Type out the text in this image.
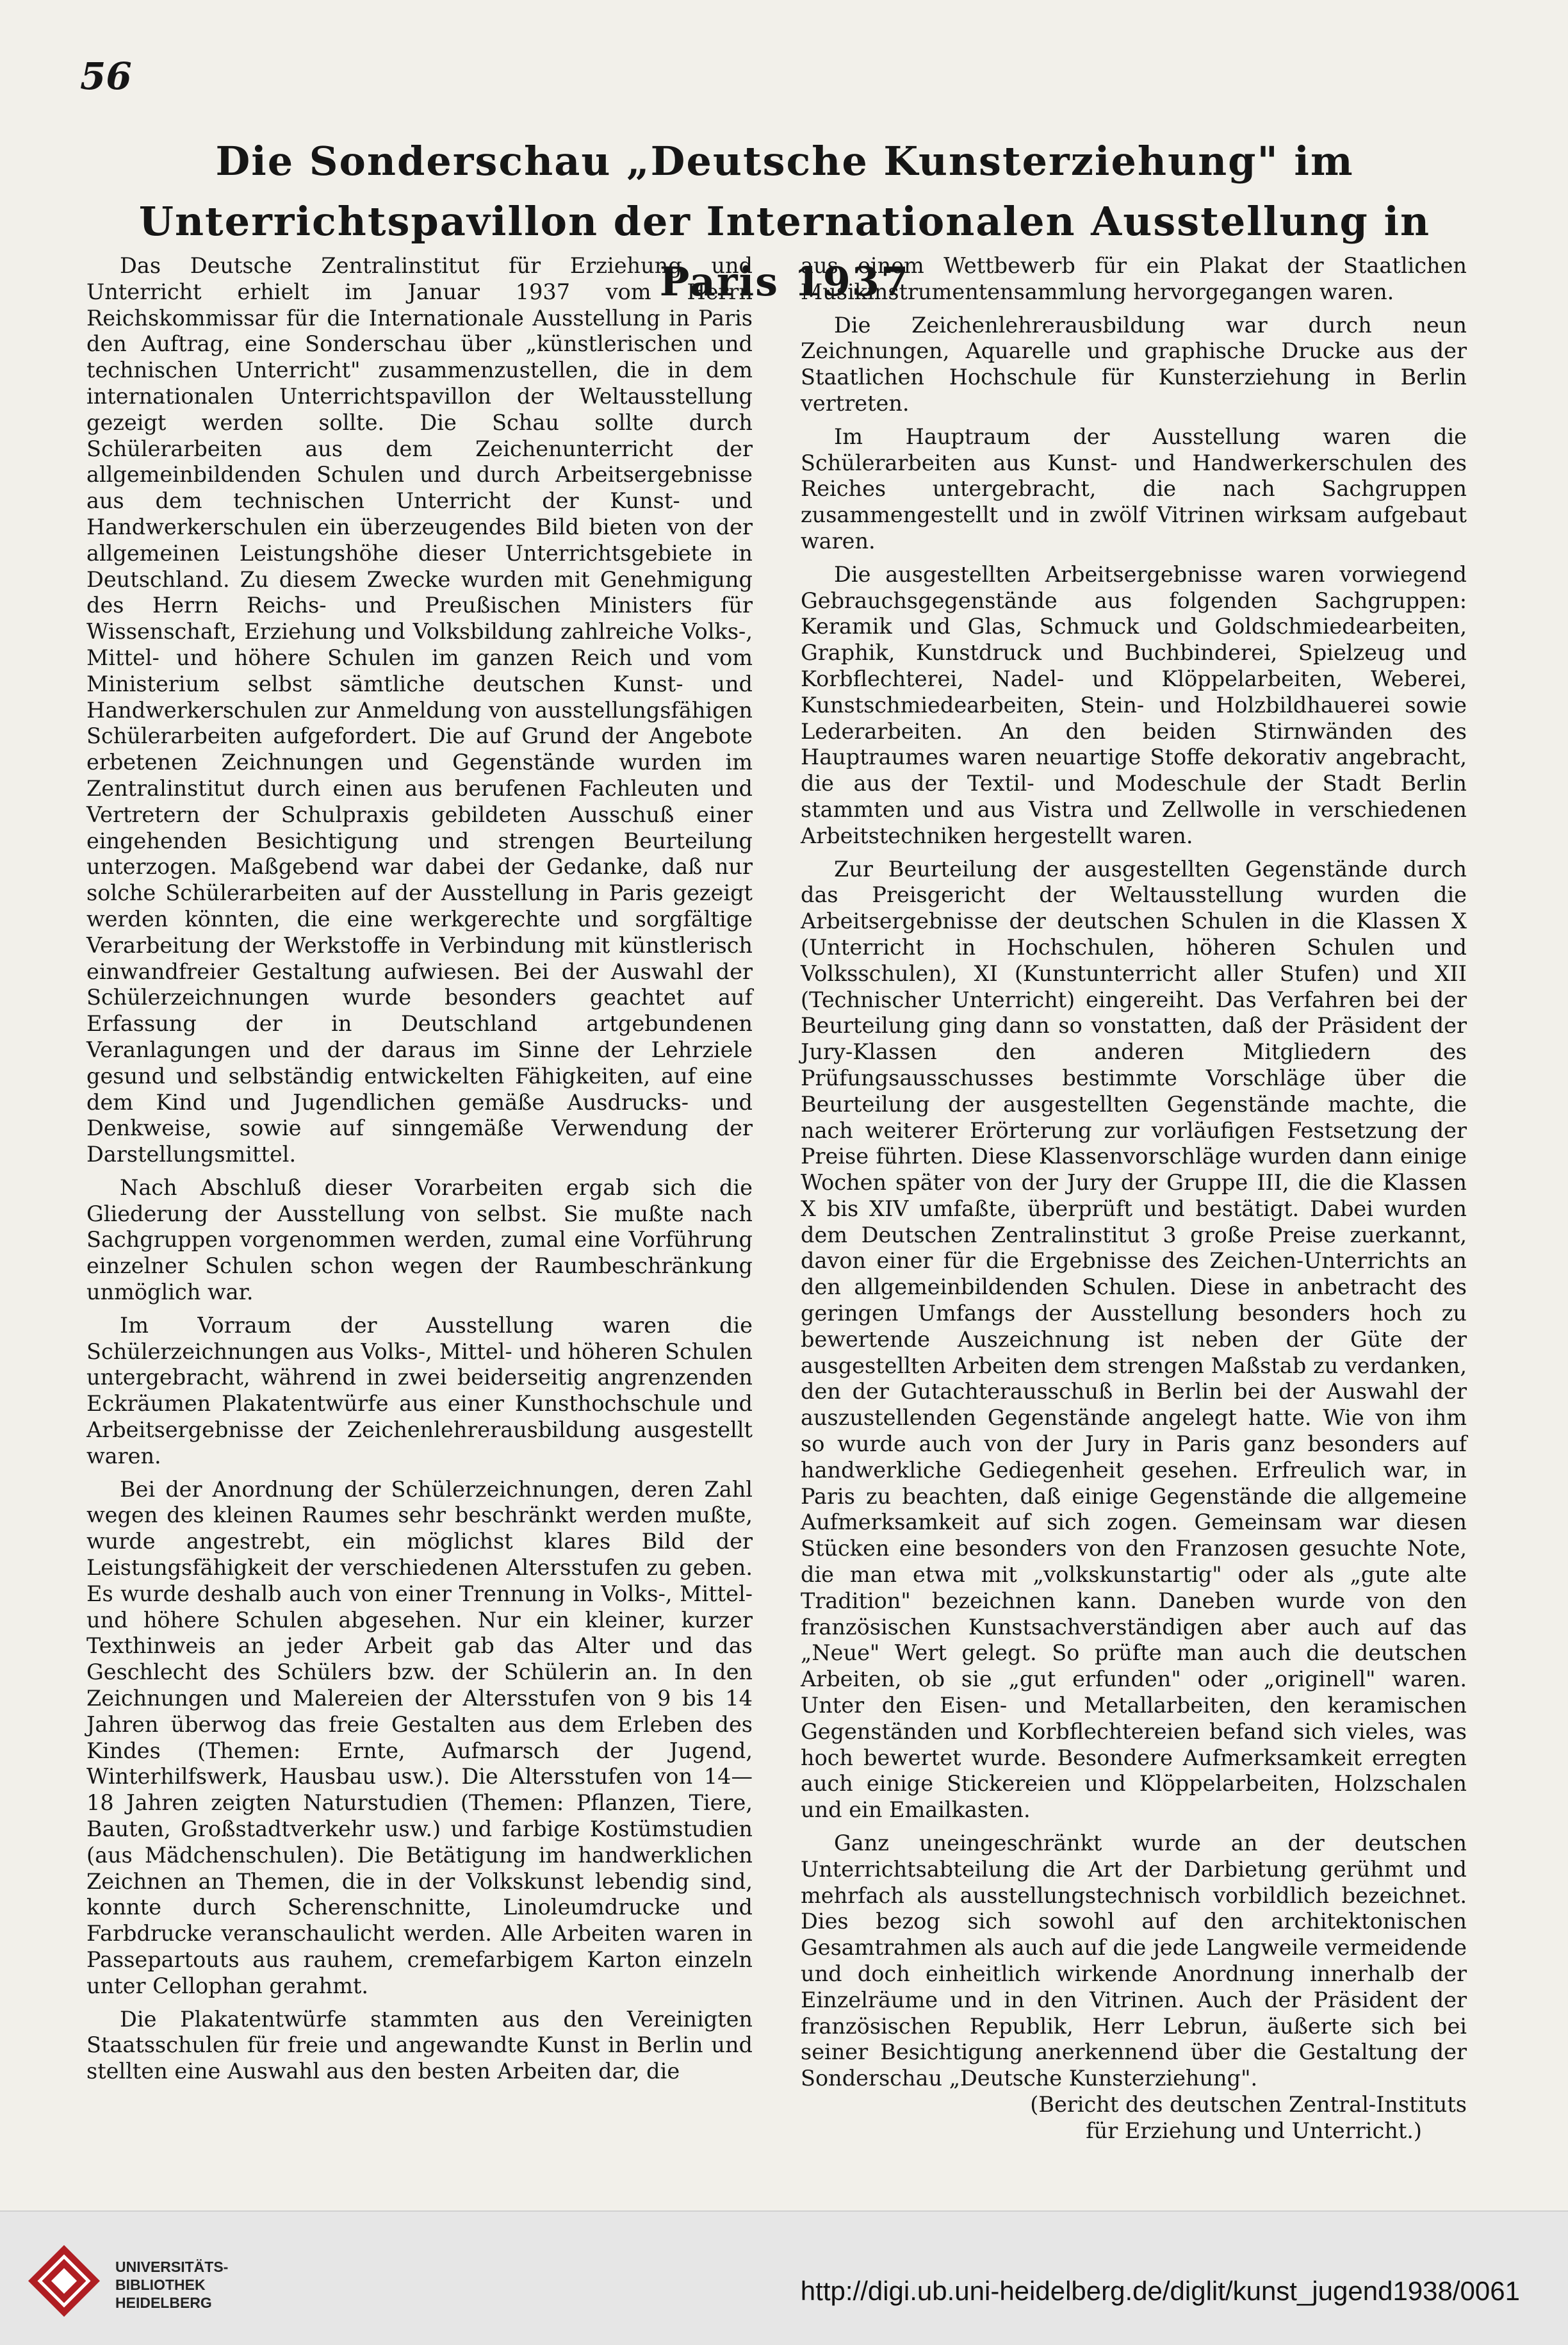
56
Die Sonderschau „Deutsche Kunsterziehung" im Unterrichtspavillon der Internationalen Ausstellung in Paris 1937

Das Deutsche Zentralinstitut für Erziehung und Unterricht erhielt im Januar 1937 vom Herrn Reichskommissar für die Internationale Ausstellung in Paris den Auftrag, eine Sonderschau über „künstlerischen und technischen Unterricht" zusammenzustellen, die in dem internationalen Unterrichtspavillon der Weltausstellung gezeigt werden sollte. Die Schau sollte durch Schülerarbeiten aus dem Zeichenunterricht der allgemeinbildenden Schulen und durch Arbeitsergebnisse aus dem technischen Unterricht der Kunst- und Handwerkerschulen ein überzeugendes Bild bieten von der allgemeinen Leistungshöhe dieser Unterrichtsgebiete in Deutschland. Zu diesem Zwecke wurden mit Genehmigung des Herrn Reichs- und Preußischen Ministers für Wissenschaft, Erziehung und Volksbildung zahlreiche Volks-, Mittel- und höhere Schulen im ganzen Reich und vom Ministerium selbst sämtliche deutschen Kunst- und Handwerkerschulen zur Anmeldung von ausstellungsfähigen Schülerarbeiten aufgefordert. Die auf Grund der Angebote erbetenen Zeichnungen und Gegenstände wurden im Zentralinstitut durch einen aus berufenen Fachleuten und Vertretern der Schulpraxis gebildeten Ausschuß einer eingehenden Besichtigung und strengen Beurteilung unterzogen. Maßgebend war dabei der Gedanke, daß nur solche Schülerarbeiten auf der Ausstellung in Paris gezeigt werden könnten, die eine werkgerechte und sorgfältige Verarbeitung der Werkstoffe in Verbindung mit künstlerisch einwandfreier Gestaltung aufwiesen. Bei der Auswahl der Schülerzeichnungen wurde besonders geachtet auf Erfassung der in Deutschland artgebundenen Veranlagungen und der daraus im Sinne der Lehrziele gesund und selbständig entwickelten Fähigkeiten, auf eine dem Kind und Jugendlichen gemäße Ausdrucks- und Denkweise, sowie auf sinngemäße Verwendung der Darstellungsmittel.

Nach Abschluß dieser Vorarbeiten ergab sich die Gliederung der Ausstellung von selbst. Sie mußte nach Sachgruppen vorgenommen werden, zumal eine Vorführung einzelner Schulen schon wegen der Raumbeschränkung unmöglich war.

Im Vorraum der Ausstellung waren die Schülerzeichnungen aus Volks-, Mittel- und höheren Schulen untergebracht, während in zwei beiderseitig angrenzenden Eckräumen Plakatentwürfe aus einer Kunsthochschule und Arbeitsergebnisse der Zeichenlehrerausbildung ausgestellt waren.

Bei der Anordnung der Schülerzeichnungen, deren Zahl wegen des kleinen Raumes sehr beschränkt werden mußte, wurde angestrebt, ein möglichst klares Bild der Leistungsfähigkeit der verschiedenen Altersstufen zu geben. Es wurde deshalb auch von einer Trennung in Volks-, Mittel- und höhere Schulen abgesehen. Nur ein kleiner, kurzer Texthinweis an jeder Arbeit gab das Alter und das Geschlecht des Schülers bzw. der Schülerin an. In den Zeichnungen und Malereien der Altersstufen von 9 bis 14 Jahren überwog das freie Gestalten aus dem Erleben des Kindes (Themen: Ernte, Aufmarsch der Jugend, Winterhilfswerk, Hausbau usw.). Die Altersstufen von 14—18 Jahren zeigten Naturstudien (Themen: Pflanzen, Tiere, Bauten, Großstadtverkehr usw.) und farbige Kostümstudien (aus Mädchenschulen). Die Betätigung im handwerklichen Zeichnen an Themen, die in der Volkskunst lebendig sind, konnte durch Scherenschnitte, Linoleumdrucke und Farbdrucke veranschaulicht werden. Alle Arbeiten waren in Passepartouts aus rauhem, cremefarbigem Karton einzeln unter Cellophan gerahmt.

Die Plakatentwürfe stammten aus den Vereinigten Staatsschulen für freie und angewandte Kunst in Berlin und stellten eine Auswahl aus den besten Arbeiten dar, die

aus einem Wettbewerb für ein Plakat der Staatlichen Musikinstrumentensammlung hervorgegangen waren.

Die Zeichenlehrerausbildung war durch neun Zeichnungen, Aquarelle und graphische Drucke aus der Staatlichen Hochschule für Kunsterziehung in Berlin vertreten.

Im Hauptraum der Ausstellung waren die Schülerarbeiten aus Kunst- und Handwerkerschulen des Reiches untergebracht, die nach Sachgruppen zusammengestellt und in zwölf Vitrinen wirksam aufgebaut waren.

Die ausgestellten Arbeitsergebnisse waren vorwiegend Gebrauchsgegenstände aus folgenden Sachgruppen: Keramik und Glas, Schmuck und Goldschmiedearbeiten, Graphik, Kunstdruck und Buchbinderei, Spielzeug und Korbflechterei, Nadel- und Klöppelarbeiten, Weberei, Kunstschmiedearbeiten, Stein- und Holzbildhauerei sowie Lederarbeiten. An den beiden Stirnwänden des Hauptraumes waren neuartige Stoffe dekorativ angebracht, die aus der Textil- und Modeschule der Stadt Berlin stammten und aus Vistra und Zellwolle in verschiedenen Arbeitstechniken hergestellt waren.

Zur Beurteilung der ausgestellten Gegenstände durch das Preisgericht der Weltausstellung wurden die Arbeitsergebnisse der deutschen Schulen in die Klassen X (Unterricht in Hochschulen, höheren Schulen und Volksschulen), XI (Kunstunterricht aller Stufen) und XII (Technischer Unterricht) eingereiht. Das Verfahren bei der Beurteilung ging dann so vonstatten, daß der Präsident der Jury-Klassen den anderen Mitgliedern des Prüfungsausschusses bestimmte Vorschläge über die Beurteilung der ausgestellten Gegenstände machte, die nach weiterer Erörterung zur vorläufigen Festsetzung der Preise führten. Diese Klassenvorschläge wurden dann einige Wochen später von der Jury der Gruppe III, die die Klassen X bis XIV umfaßte, überprüft und bestätigt. Dabei wurden dem Deutschen Zentralinstitut 3 große Preise zuerkannt, davon einer für die Ergebnisse des Zeichen-Unterrichts an den allgemeinbildenden Schulen. Diese in anbetracht des geringen Umfangs der Ausstellung besonders hoch zu bewertende Auszeichnung ist neben der Güte der ausgestellten Arbeiten dem strengen Maßstab zu verdanken, den der Gutachterausschuß in Berlin bei der Auswahl der auszustellenden Gegenstände angelegt hatte. Wie von ihm so wurde auch von der Jury in Paris ganz besonders auf handwerkliche Gediegenheit gesehen. Erfreulich war, in Paris zu beachten, daß einige Gegenstände die allgemeine Aufmerksamkeit auf sich zogen. Gemeinsam war diesen Stücken eine besonders von den Franzosen gesuchte Note, die man etwa mit „volkskunstartig" oder als „gute alte Tradition" bezeichnen kann. Daneben wurde von den französischen Kunstsachverständigen aber auch auf das „Neue" Wert gelegt. So prüfte man auch die deutschen Arbeiten, ob sie „gut erfunden" oder „originell" waren. Unter den Eisen- und Metallarbeiten, den keramischen Gegenständen und Korbflechtereien befand sich vieles, was hoch bewertet wurde. Besondere Aufmerksamkeit erregten auch einige Stickereien und Klöppelarbeiten, Holzschalen und ein Emailkasten.

Ganz uneingeschränkt wurde an der deutschen Unterrichtsabteilung die Art der Darbietung gerühmt und mehrfach als ausstellungstechnisch vorbildlich bezeichnet. Dies bezog sich sowohl auf den architektonischen Gesamtrahmen als auch auf die jede Langweile vermeidende und doch einheitlich wirkende Anordnung innerhalb der Einzelräume und in den Vitrinen. Auch der Präsident der französischen Republik, Herr Lebrun, äußerte sich bei seiner Besichtigung anerkennend über die Gestaltung der Sonderschau „Deutsche Kunsterziehung".

(Bericht des deutschen Zentral-Instituts

für Erziehung und Unterricht.)

UNIVERSITÄTS-
BIBLIOTHEK
HEIDELBERG	http://digi.ub.uni-heidelberg.de/diglit/kunst_jugend1938/0061
